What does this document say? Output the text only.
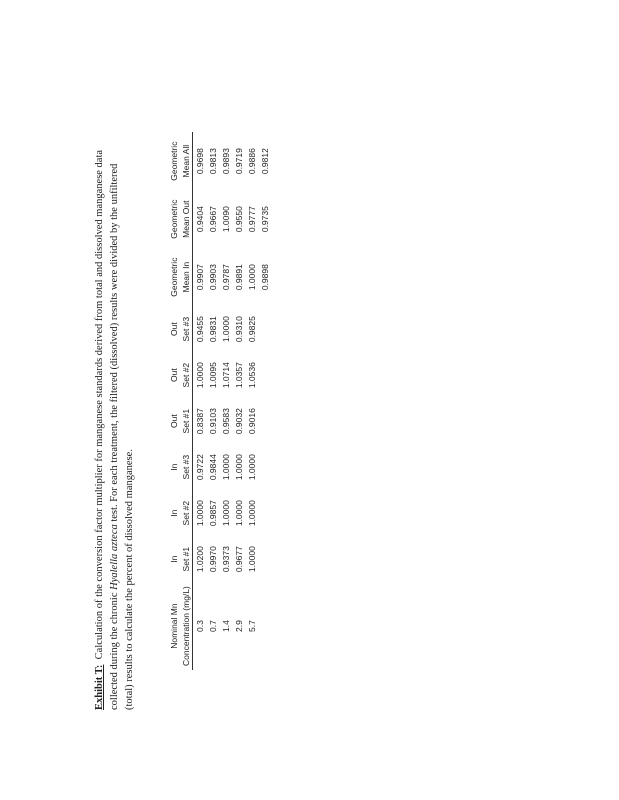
Exhibit T:  Calculation of the conversion factor multiplier for manganese standards derived from total and dissolved manganese data collected during the chronic Hyalella azteca test. For each treatment, the filtered (dissolved) results were divided by the unfiltered
(total) results to calculate the percent of dissolved manganese.	Nominal Mn	In	In	In	Out	Out	Out	Geometric	Geometric	Geometric
Concentration (mg/L)	Set #1	Set #2	Set #3	Set #1	Set #2	Set #3	Mean In	Mean Out	Mean All
0.3	1.0200	1.0000	0.9722	0.8387	1.0000	0.9455	0.9907	0.9404	0.9698
0.7	0.9970	0.9857	0.9844	0.9103	1.0095	0.9831	0.9903	0.9667	0.9813
1.4	0.9373	1.0000	1.0000	0.9583	1.0714	1.0000	0.9787	1.0090	0.9893
2.9	0.9677	1.0000	1.0000	0.9032	1.0357	0.9310	0.9891	0.9550	0.9719
5.7	1.0000	1.0000	1.0000	0.9016	1.0536	0.9825	1.0000	0.9777	0.9886
							0.9898	0.9735	0.9812
